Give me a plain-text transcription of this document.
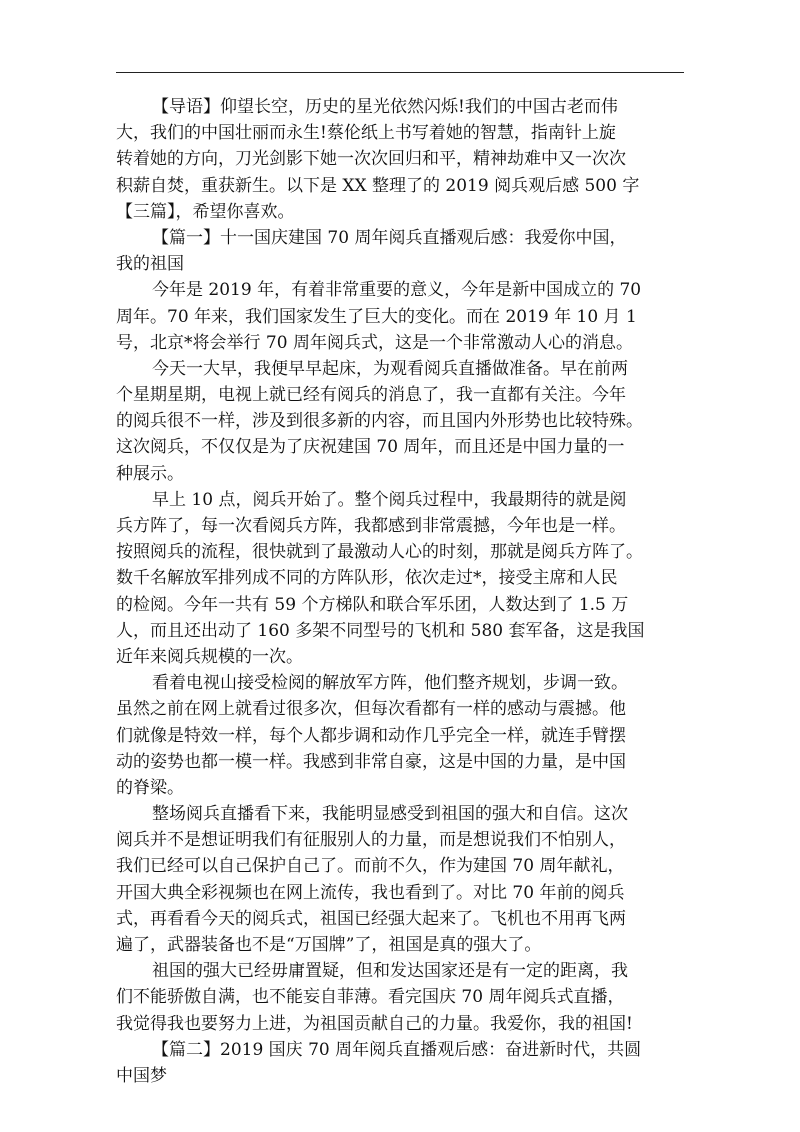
【导语】仰望长空，历史的星光依然闪烁!我们的中国古老而伟
大，我们的中国壮丽而永生!蔡伦纸上书写着她的智慧，指南针上旋
转着她的方向，刀光剑影下她一次次回归和平，精神劫难中又一次次
积薪自焚，重获新生。以下是 XX 整理了的 2019 阅兵观后感 500 字
【三篇】，希望你喜欢。

【篇一】十一国庆建国 70 周年阅兵直播观后感：我爱你中国，
我的祖国

今年是 2019 年，有着非常重要的意义，今年是新中国成立的 70
周年。70 年来，我们国家发生了巨大的变化。而在 2019 年 10 月 1
号，北京*将会举行 70 周年阅兵式，这是一个非常激动人心的消息。

今天一大早，我便早早起床，为观看阅兵直播做准备。早在前两
个星期星期，电视上就已经有阅兵的消息了，我一直都有关注。今年
的阅兵很不一样，涉及到很多新的内容，而且国内外形势也比较特殊。
这次阅兵，不仅仅是为了庆祝建国 70 周年，而且还是中国力量的一
种展示。

早上 10 点，阅兵开始了。整个阅兵过程中，我最期待的就是阅
兵方阵了，每一次看阅兵方阵，我都感到非常震撼，今年也是一样。
按照阅兵的流程，很快就到了最激动人心的时刻，那就是阅兵方阵了。
数千名解放军排列成不同的方阵队形，依次走过*，接受主席和人民
的检阅。今年一共有 59 个方梯队和联合军乐团，人数达到了 1.5 万
人，而且还出动了 160 多架不同型号的飞机和 580 套军备，这是我国
近年来阅兵规模的一次。

看着电视山接受检阅的解放军方阵，他们整齐规划，步调一致。
虽然之前在网上就看过很多次，但每次看都有一样的感动与震撼。他
们就像是特效一样，每个人都步调和动作几乎完全一样，就连手臂摆
动的姿势也都一模一样。我感到非常自豪，这是中国的力量，是中国
的脊梁。

整场阅兵直播看下来，我能明显感受到祖国的强大和自信。这次
阅兵并不是想证明我们有征服别人的力量，而是想说我们不怕别人，
我们已经可以自己保护自己了。而前不久，作为建国 70 周年献礼，
开国大典全彩视频也在网上流传，我也看到了。对比 70 年前的阅兵
式，再看看今天的阅兵式，祖国已经强大起来了。飞机也不用再飞两
遍了，武器装备也不是“万国牌”了，祖国是真的强大了。

祖国的强大已经毋庸置疑，但和发达国家还是有一定的距离，我
们不能骄傲自满，也不能妄自菲薄。看完国庆 70 周年阅兵式直播，
我觉得我也要努力上进，为祖国贡献自己的力量。我爱你，我的祖国!

【篇二】2019 国庆 70 周年阅兵直播观后感：奋进新时代，共圆
中国梦
